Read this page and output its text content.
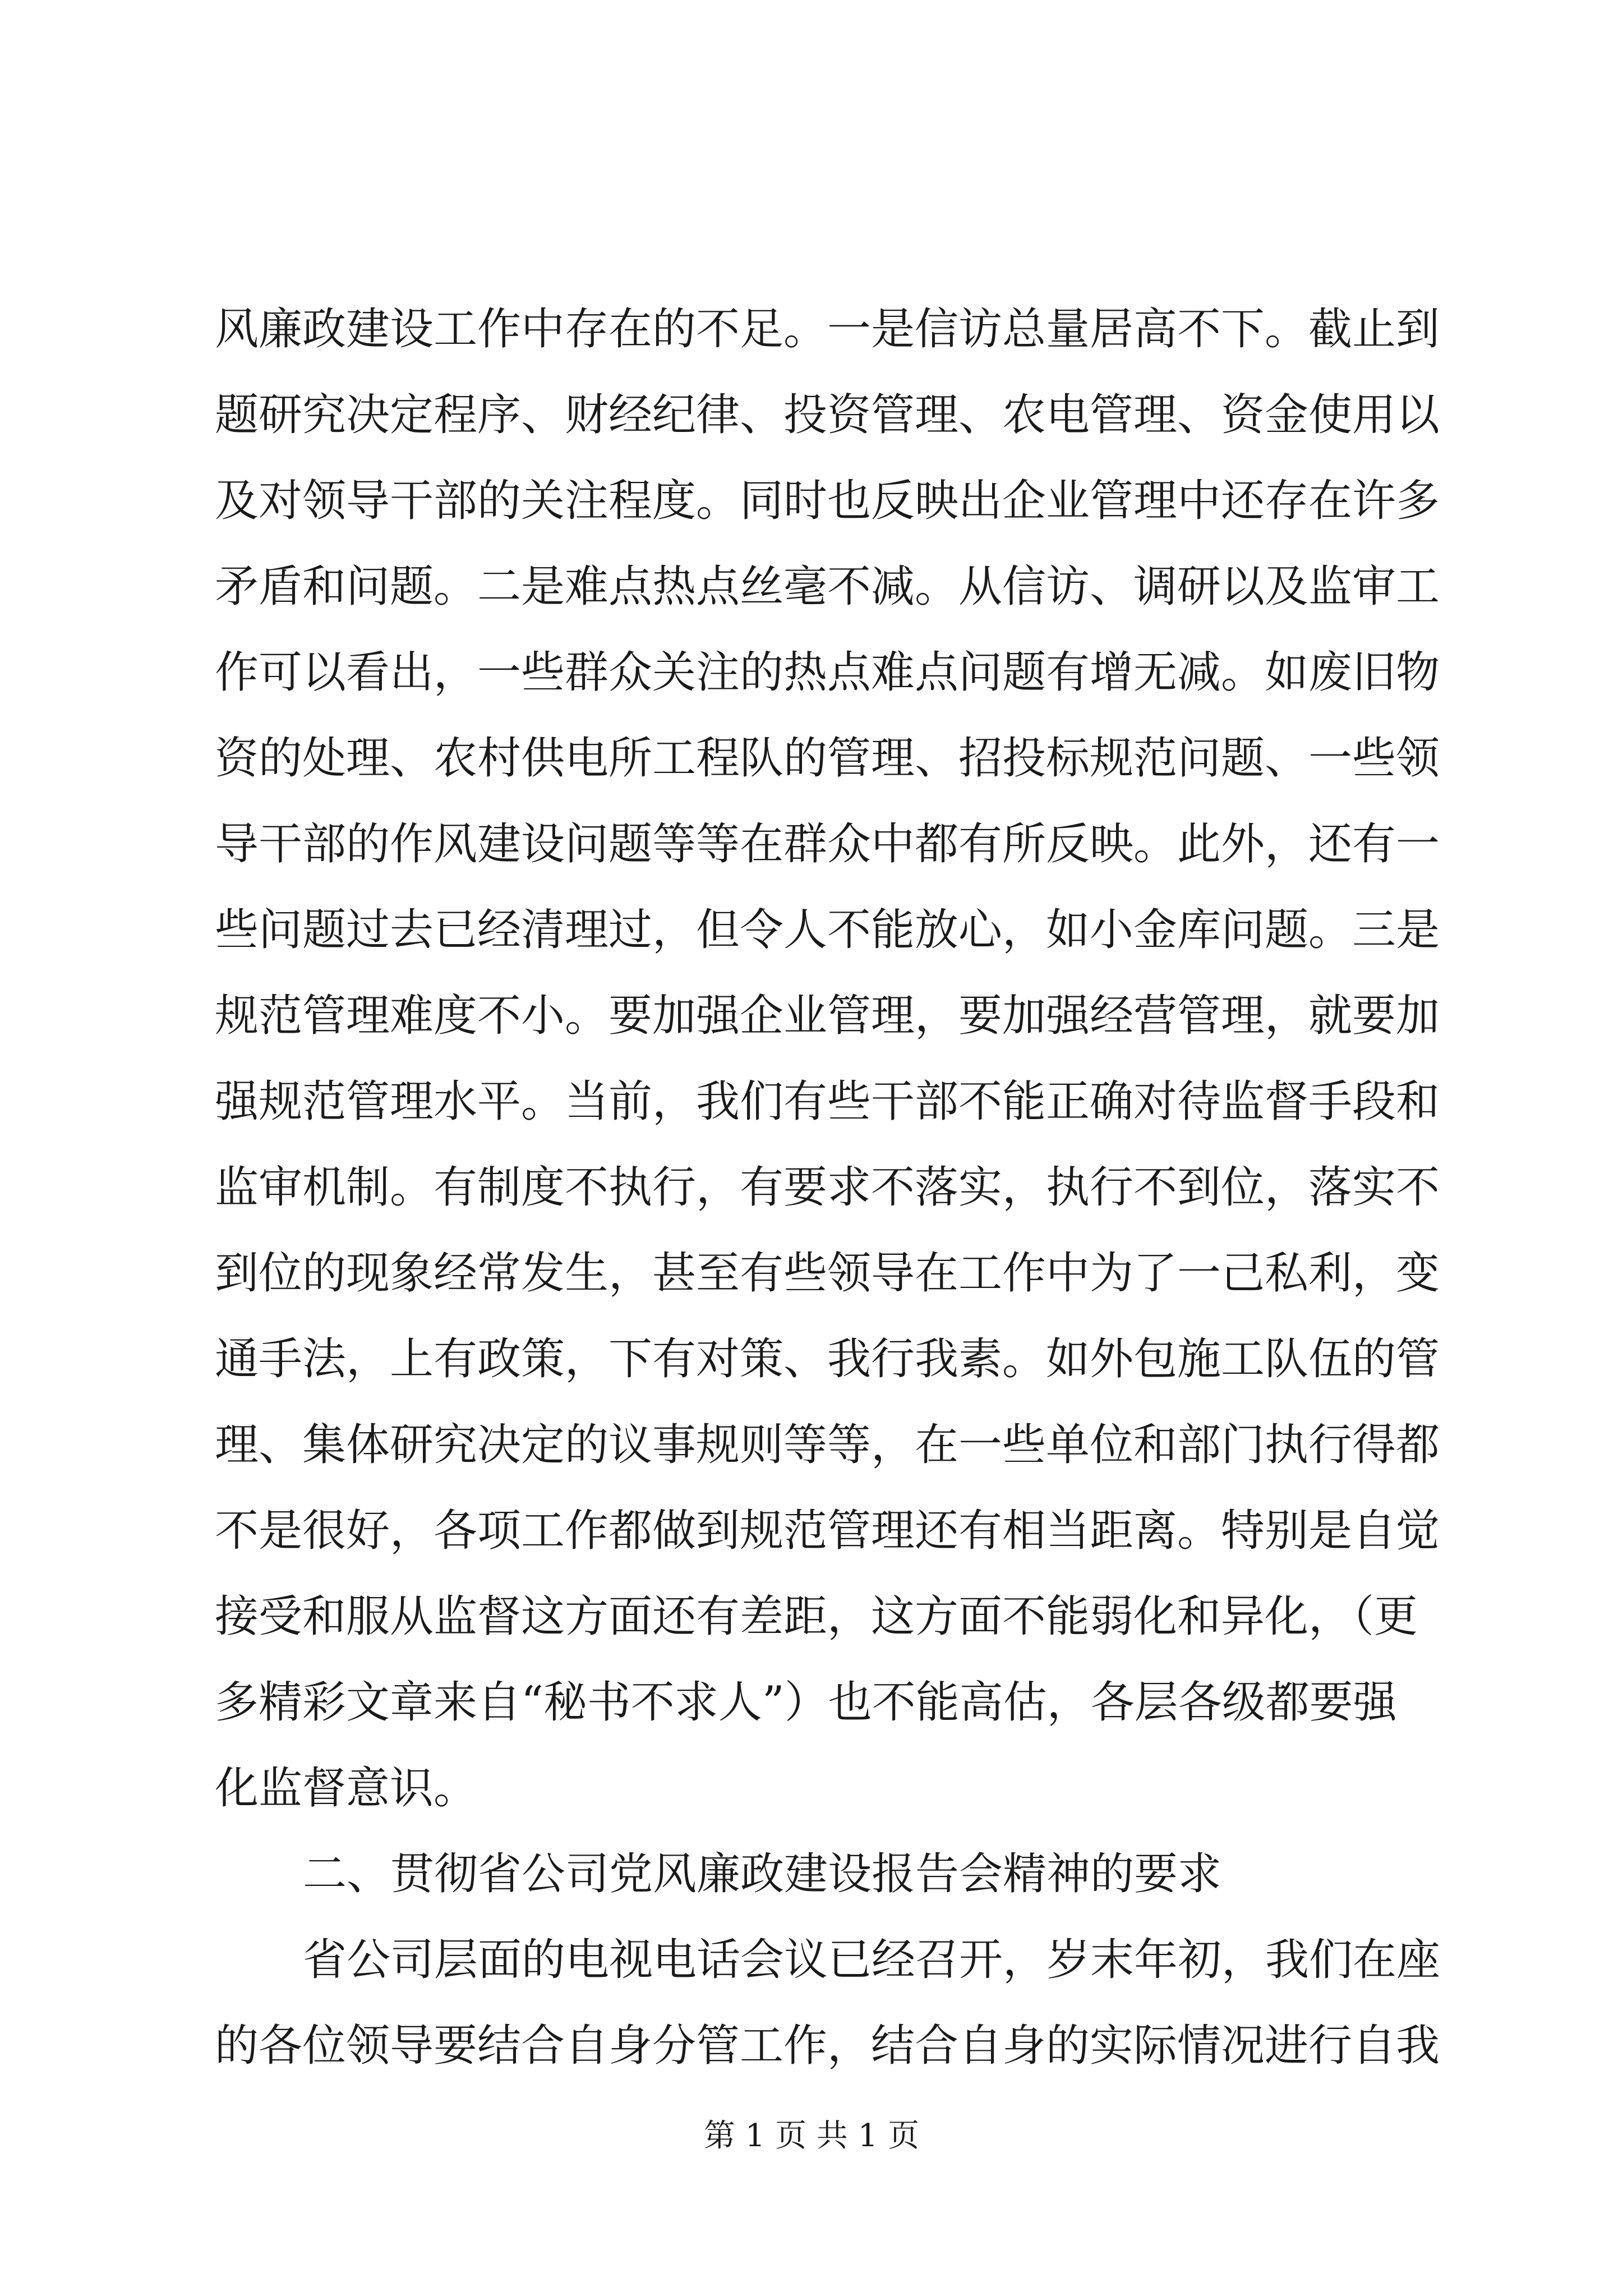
风廉政建设工作中存在的不足。一是信访总量居高不下。截止到
题研究决定程序、财经纪律、投资管理、农电管理、资金使用以
及对领导干部的关注程度。同时也反映出企业管理中还存在许多
矛盾和问题。二是难点热点丝毫不减。从信访、调研以及监审工
作可以看出，一些群众关注的热点难点问题有增无减。如废旧物
资的处理、农村供电所工程队的管理、招投标规范问题、一些领
导干部的作风建设问题等等在群众中都有所反映。此外，还有一
些问题过去已经清理过，但令人不能放心，如小金库问题。三是
规范管理难度不小。要加强企业管理，要加强经营管理，就要加
强规范管理水平。当前，我们有些干部不能正确对待监督手段和
监审机制。有制度不执行，有要求不落实，执行不到位，落实不
到位的现象经常发生，甚至有些领导在工作中为了一己私利，变
通手法，上有政策，下有对策、我行我素。如外包施工队伍的管
理、集体研究决定的议事规则等等，在一些单位和部门执行得都
不是很好，各项工作都做到规范管理还有相当距离。特别是自觉
接受和服从监督这方面还有差距，这方面不能弱化和异化，（更
多精彩文章来自“秘书不求人”）也不能高估，各层各级都要强
化监督意识。
二、贯彻省公司党风廉政建设报告会精神的要求
省公司层面的电视电话会议已经召开，岁末年初，我们在座
的各位领导要结合自身分管工作，结合自身的实际情况进行自我
第 1 页 共 1 页
